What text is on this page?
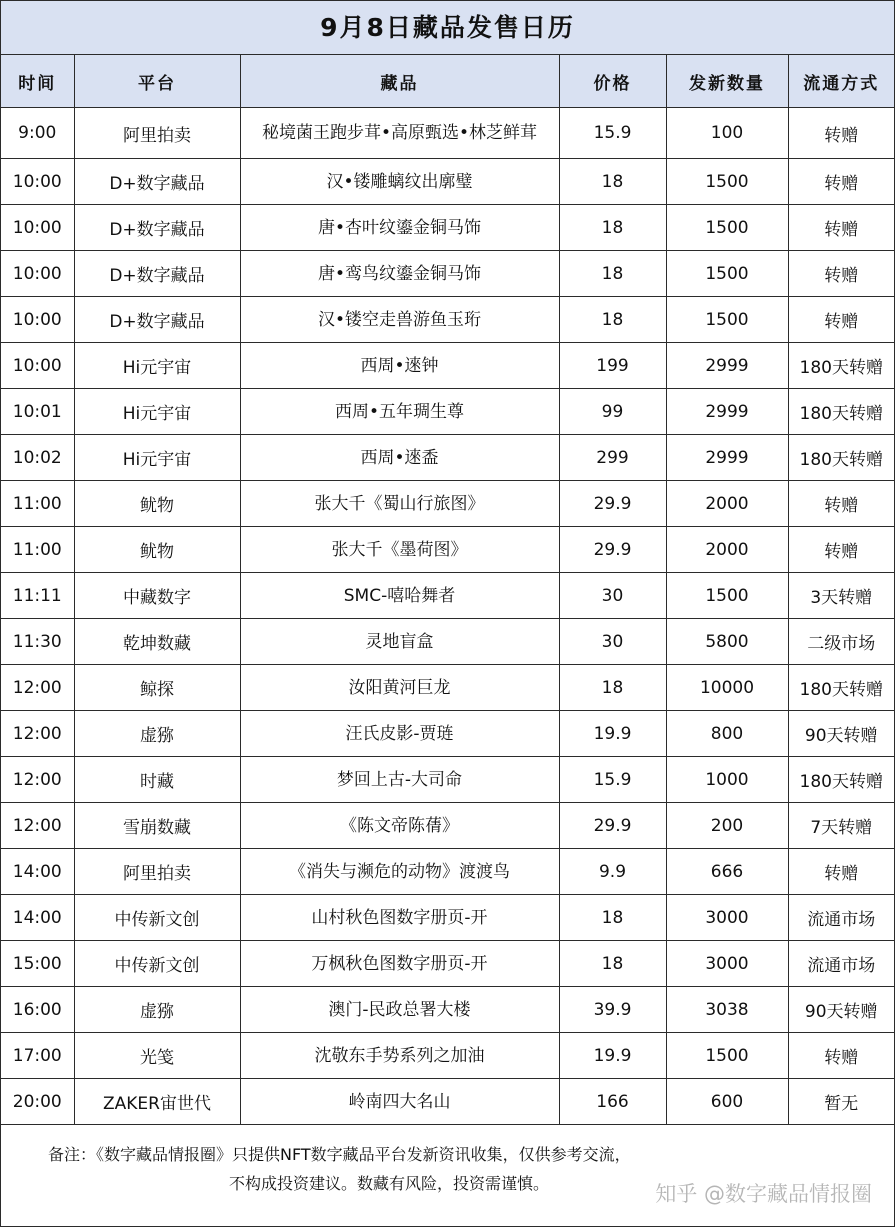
9月8日藏品发售日历
时间	平台	藏品	价格	发新数量	流通方式
9:00	阿里拍卖	秘境菌王跑步茸•高原甄选•林芝鲜茸	15.9	100	转赠
10:00	D+数字藏品	汉•镂雕螭纹出廓璧	18	1500	转赠
10:00	D+数字藏品	唐•杏叶纹鎏金铜马饰	18	1500	转赠
10:00	D+数字藏品	唐•鸾鸟纹鎏金铜马饰	18	1500	转赠
10:00	D+数字藏品	汉•镂空走兽游鱼玉珩	18	1500	转赠
10:00	Hi元宇宙	西周•逨钟	199	2999	180天转赠
10:01	Hi元宇宙	西周•五年琱生尊	99	2999	180天转赠
10:02	Hi元宇宙	西周•逨盉	299	2999	180天转赠
11:00	鱿物	张大千《蜀山行旅图》	29.9	2000	转赠
11:00	鱿物	张大千《墨荷图》	29.9	2000	转赠
11:11	中藏数字	SMC-嘻哈舞者	30	1500	3天转赠
11:30	乾坤数藏	灵地盲盒	30	5800	二级市场
12:00	鲸探	汝阳黄河巨龙	18	10000	180天转赠
12:00	虚猕	汪氏皮影-贾琏	19.9	800	90天转赠
12:00	时藏	梦回上古-大司命	15.9	1000	180天转赠
12:00	雪崩数藏	《陈文帝陈蒨》	29.9	200	7天转赠
14:00	阿里拍卖	《消失与濒危的动物》渡渡鸟	9.9	666	转赠
14:00	中传新文创	山村秋色图数字册页-开	18	3000	流通市场
15:00	中传新文创	万枫秋色图数字册页-开	18	3000	流通市场
16:00	虚猕	澳门-民政总署大楼	39.9	3038	90天转赠
17:00	光笺	沈敬东手势系列之加油	19.9	1500	转赠
20:00	ZAKER宙世代	岭南四大名山	166	600	暂无
备注：《数字藏品情报圈》只提供NFT数字藏品平台发新资讯收集，仅供参考交流，
不构成投资建议。数藏有风险，投资需谨慎。	知乎 @数字藏品情报圈
